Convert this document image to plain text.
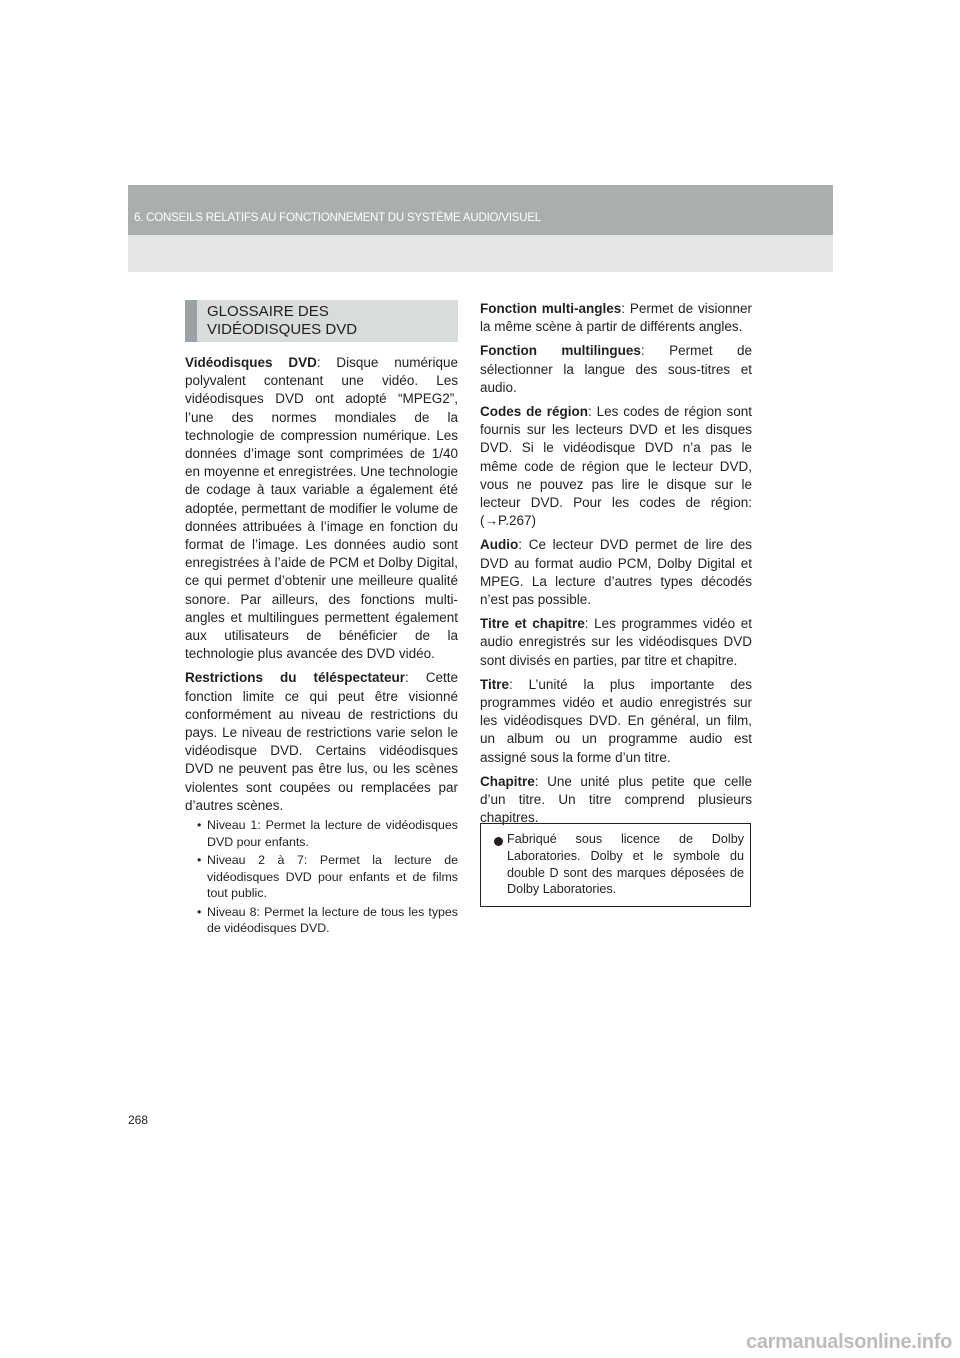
6. CONSEILS RELATIFS AU FONCTIONNEMENT DU SYSTÈME AUDIO/VISUEL
GLOSSAIRE DES
VIDÉODISQUES DVD

Vidéodisques DVD: Disque numérique polyvalent contenant une vidéo. Les vidéodisques DVD ont adopté “MPEG2”, l’une des normes mondiales de la technologie de compression numérique. Les données d’image sont comprimées de 1/40 en moyenne et enregistrées. Une technologie de codage à taux variable a également été adoptée, permettant de modifier le volume de données attribuées à l’image en fonction du format de l’image. Les données audio sont enregistrées à l’aide de PCM et Dolby Digital, ce qui permet d’obtenir une meilleure qualité sonore. Par ailleurs, des fonctions multi-angles et multilingues permettent également aux utilisateurs de bénéficier de la technologie plus avancée des DVD vidéo.

Restrictions du téléspectateur: Cette fonction limite ce qui peut être visionné conformément au niveau de restrictions du pays. Le niveau de restrictions varie selon le vidéodisque DVD. Certains vidéodisques DVD ne peuvent pas être lus, ou les scènes violentes sont coupées ou remplacées par d’autres scènes.

• Niveau 1: Permet la lecture de vidéodisques DVD pour enfants.
• Niveau 2 à 7: Permet la lecture de vidéodisques DVD pour enfants et de films tout public.
• Niveau 8: Permet la lecture de tous les types de vidéodisques DVD.

Fonction multi-angles: Permet de visionner la même scène à partir de différents angles.

Fonction multilingues: Permet de sélectionner la langue des sous-titres et audio.

Codes de région: Les codes de région sont fournis sur les lecteurs DVD et les disques DVD. Si le vidéodisque DVD n’a pas le même code de région que le lecteur DVD, vous ne pouvez pas lire le disque sur le lecteur DVD. Pour les codes de région: (→P.267)

Audio: Ce lecteur DVD permet de lire des DVD au format audio PCM, Dolby Digital et MPEG. La lecture d’autres types décodés n’est pas possible.

Titre et chapitre: Les programmes vidéo et audio enregistrés sur les vidéodisques DVD sont divisés en parties, par titre et chapitre.

Titre: L’unité la plus importante des programmes vidéo et audio enregistrés sur les vidéodisques DVD. En général, un film, un album ou un programme audio est assigné sous la forme d’un titre.

Chapitre: Une unité plus petite que celle d’un titre. Un titre comprend plusieurs chapitres.

Fabriqué sous licence de Dolby Laboratories. Dolby et le symbole du double D sont des marques déposées de Dolby Laboratories.
268
carmanualsonline.info
